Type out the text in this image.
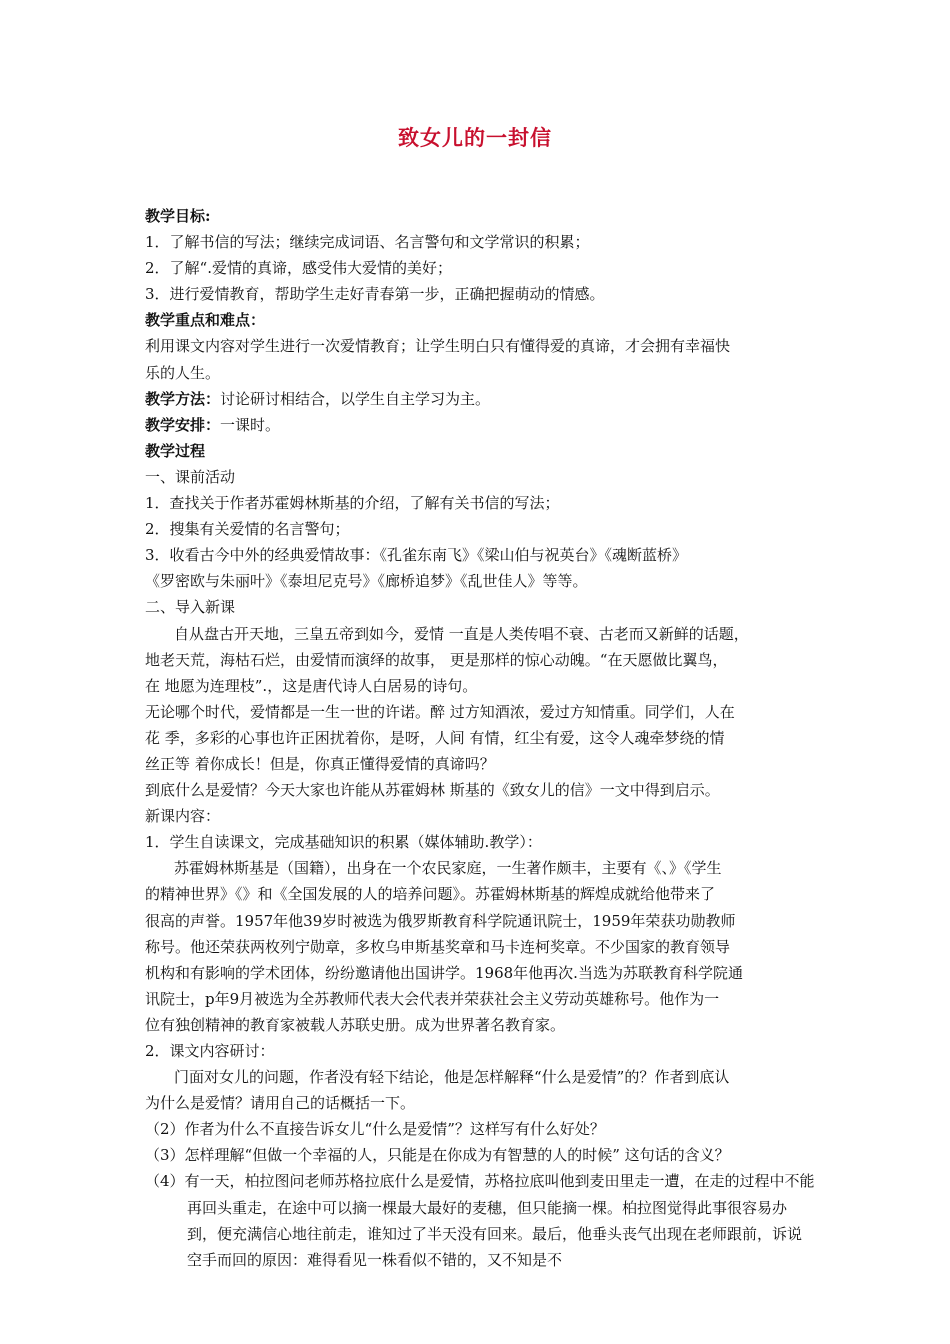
致女儿的一封信

教学目标:

1．了解书信的写法；继续完成词语、名言警句和文学常识的积累；

2．了解“.爱情的真谛，感受伟大爱情的美好；

3．进行爱情教育，帮助学生走好青春第一步，正确把握萌动的情感。

教学重点和难点：

利用课文内容对学生进行一次爱情教育；让学生明白只有懂得爱的真谛，才会拥有幸福快

乐的人生。

教学方法：讨论研讨相结合，以学生自主学习为主。

教学安排：一课时。

教学过程

一、课前活动

1．查找关于作者苏霍姆林斯基的介绍，了解有关书信的写法；

2．搜集有关爱情的名言警句；

3．收看古今中外的经典爱情故事：《孔雀东南飞》《梁山伯与祝英台》《魂断蓝桥》

《罗密欧与朱丽叶》《泰坦尼克号》《廊桥追梦》《乱世佳人》等等。

二、导入新课

自从盘古开天地，三皇五帝到如今，爱情 一直是人类传唱不衰、古老而又新鲜的话题，

地老天荒，海枯石烂，由爱情而演绎的故事， 更是那样的惊心动魄。“在天愿做比翼鸟，

在 地愿为连理枝”.，这是唐代诗人白居易的诗句。

无论哪个时代，爱情都是一生一世的许诺。醉 过方知酒浓，爱过方知情重。同学们，人在

花 季，多彩的心事也许正困扰着你，是呀，人间 有情，红尘有爱，这令人魂牵梦绕的情

丝正等 着你成长！但是，你真正懂得爱情的真谛吗？

到底什么是爱情？今天大家也许能从苏霍姆林 斯基的《致女儿的信》一文中得到启示。

新课内容：

1．学生自读课文，完成基础知识的积累（媒体辅助.教学）：

苏霍姆林斯基是（国籍），出身在一个农民家庭，一生著作颇丰，主要有《、》《学生

的精神世界》《》和《全国发展的人的培养问题》。苏霍姆林斯基的辉煌成就给他带来了

很高的声誉。1957年他39岁时被选为俄罗斯教育科学院通讯院士，1959年荣获功勋教师

称号。他还荣获两枚列宁勋章，多枚乌申斯基奖章和马卡连柯奖章。不少国家的教育领导

机构和有影响的学术团体，纷纷邀请他出国讲学。1968年他再次.当选为苏联教育科学院通

讯院士，p年9月被选为全苏教师代表大会代表并荣获社会主义劳动英雄称号。他作为一

位有独创精神的教育家被载人苏联史册。成为世界著名教育家。

2．课文内容研讨：

门面对女儿的问题，作者没有轻下结论，他是怎样解释“什么是爱情”的？作者到底认

为什么是爱情？请用自己的话概括一下。

（2）作者为什么不直接告诉女儿“什么是爱情”？这样写有什么好处？

（3）怎样理解“但做一个幸福的人，只能是在你成为有智慧的人的时候” 这句话的含义？

（4）有一天，柏拉图问老师苏格拉底什么是爱情，苏格拉底叫他到麦田里走一遭，在走的过程中不能再回头重走，在途中可以摘一棵最大最好的麦穗，但只能摘一棵。柏拉图觉得此事很容易办到，便充满信心地往前走，谁知过了半天没有回来。最后，他垂头丧气出现在老师跟前，诉说空手而回的原因：难得看见一株看似不错的，又不知是不
